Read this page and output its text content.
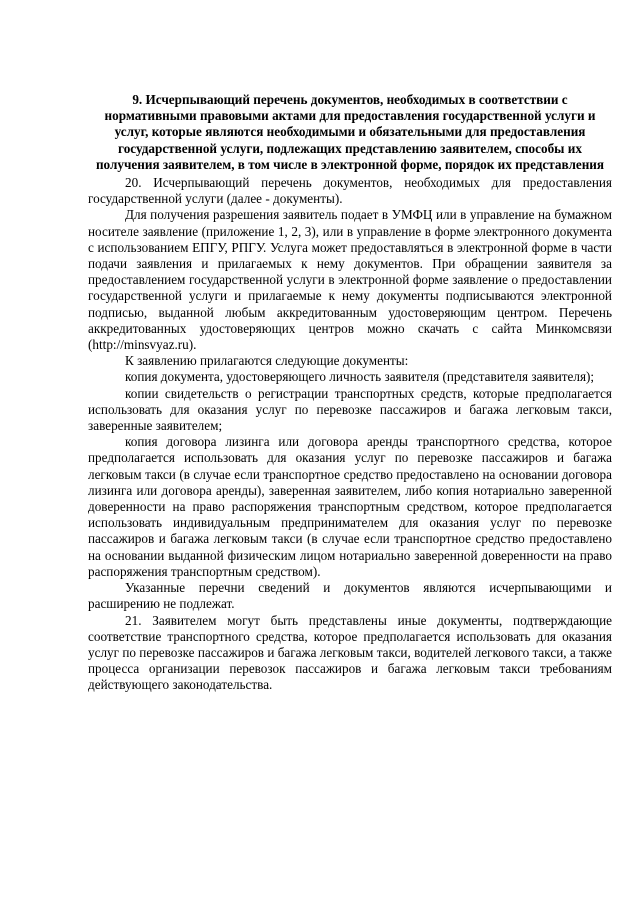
9. Исчерпывающий перечень документов, необходимых в соответствии с нормативными правовыми актами для предоставления государственной услуги и услуг, которые являются необходимыми и обязательными для предоставления государственной услуги, подлежащих представлению заявителем, способы их получения заявителем, в том числе в электронной форме, порядок их представления

20. Исчерпывающий перечень документов, необходимых для предоставления государственной услуги (далее - документы).

Для получения разрешения заявитель подает в УМФЦ или в управление на бумажном носителе заявление (приложение 1, 2, 3), или в управление в форме электронного документа с использованием ЕПГУ, РПГУ. Услуга может предоставляться в электронной форме в части подачи заявления и прилагаемых к нему документов. При обращении заявителя за предоставлением государственной услуги в электронной форме заявление о предоставлении государственной услуги и прилагаемые к нему документы подписываются электронной подписью, выданной любым аккредитованным удостоверяющим центром. Перечень аккредитованных удостоверяющих центров можно скачать с сайта Минкомсвязи (http://minsvyaz.ru).

К заявлению прилагаются следующие документы:

копия документа, удостоверяющего личность заявителя (представителя заявителя);

копии свидетельств о регистрации транспортных средств, которые предполагается использовать для оказания услуг по перевозке пассажиров и багажа легковым такси, заверенные заявителем;

копия договора лизинга или договора аренды транспортного средства, которое предполагается использовать для оказания услуг по перевозке пассажиров и багажа легковым такси (в случае если транспортное средство предоставлено на основании договора лизинга или договора аренды), заверенная заявителем, либо копия нотариально заверенной доверенности на право распоряжения транспортным средством, которое предполагается использовать индивидуальным предпринимателем для оказания услуг по перевозке пассажиров и багажа легковым такси (в случае если транспортное средство предоставлено на основании выданной физическим лицом нотариально заверенной доверенности на право распоряжения транспортным средством).

Указанные перечни сведений и документов являются исчерпывающими и расширению не подлежат.

21. Заявителем могут быть представлены иные документы, подтверждающие соответствие транспортного средства, которое предполагается использовать для оказания услуг по перевозке пассажиров и багажа легковым такси, водителей легкового такси, а также процесса организации перевозок пассажиров и багажа легковым такси требованиям действующего законодательства.
